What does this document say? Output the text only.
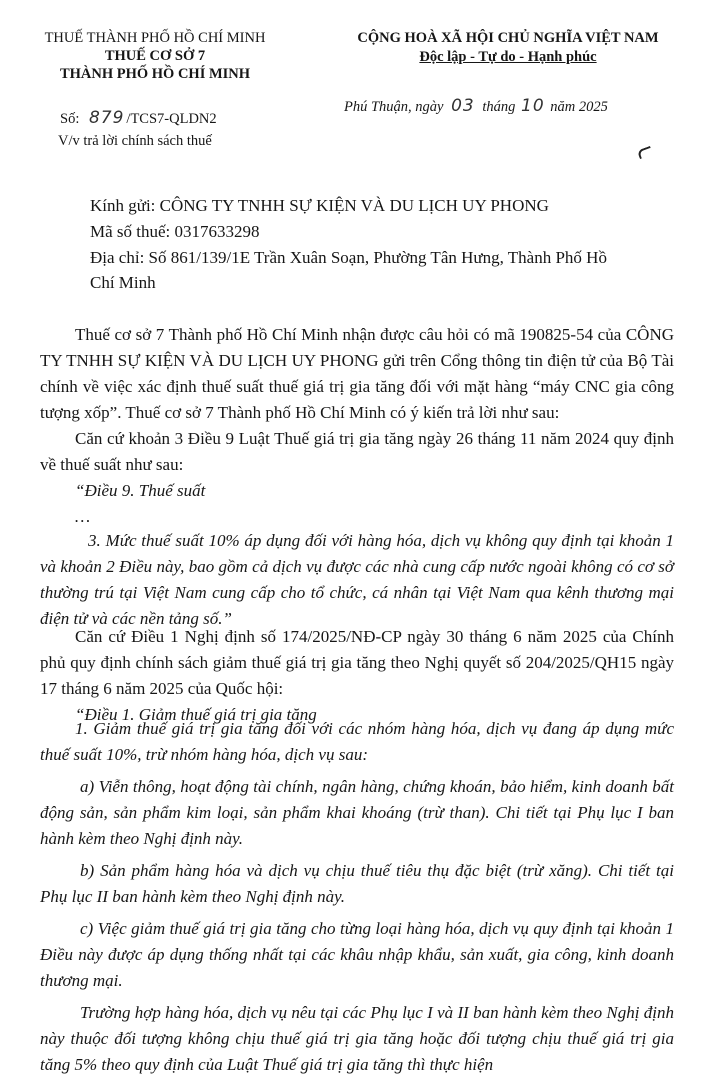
THUẾ THÀNH PHỐ HỒ CHÍ MINH
THUẾ CƠ SỞ 7
THÀNH PHỐ HỒ CHÍ MINH
Số: 879 /TCS7-QLDN2
V/v trả lời chính sách thuế
CỘNG HOÀ XÃ HỘI CHỦ NGHĨA VIỆT NAM
Độc lập - Tự do - Hạnh phúc
Phú Thuận, ngày 03 tháng 10 năm 2025
Kính gửi: CÔNG TY TNHH SỰ KIỆN VÀ DU LỊCH UY PHONG
Mã số thuế: 0317633298
Địa chỉ: Số 861/139/1E Trần Xuân Soạn, Phường Tân Hưng, Thành Phố Hồ
Chí Minh

Thuế cơ sở 7 Thành phố Hồ Chí Minh nhận được câu hỏi có mã 190825-54 của CÔNG TY TNHH SỰ KIỆN VÀ DU LỊCH UY PHONG gửi trên Cổng thông tin điện tử của Bộ Tài chính về việc xác định thuế suất thuế giá trị gia tăng đối với mặt hàng “máy CNC gia công tượng xốp”. Thuế cơ sở 7 Thành phố Hồ Chí Minh có ý kiến trả lời như sau:

Căn cứ khoản 3 Điều 9 Luật Thuế giá trị gia tăng ngày 26 tháng 11 năm 2024 quy định về thuế suất như sau:

“Điều 9. Thuế suất

…

3. Mức thuế suất 10% áp dụng đối với hàng hóa, dịch vụ không quy định tại khoản 1 và khoản 2 Điều này, bao gồm cả dịch vụ được các nhà cung cấp nước ngoài không có cơ sở thường trú tại Việt Nam cung cấp cho tổ chức, cá nhân tại Việt Nam qua kênh thương mại điện tử và các nền tảng số.”

Căn cứ Điều 1 Nghị định số 174/2025/NĐ-CP ngày 30 tháng 6 năm 2025 của Chính phủ quy định chính sách giảm thuế giá trị gia tăng theo Nghị quyết số 204/2025/QH15 ngày 17 tháng 6 năm 2025 của Quốc hội:

“Điều 1. Giảm thuế giá trị gia tăng

1. Giảm thuế giá trị gia tăng đối với các nhóm hàng hóa, dịch vụ đang áp dụng mức thuế suất 10%, trừ nhóm hàng hóa, dịch vụ sau:

a) Viễn thông, hoạt động tài chính, ngân hàng, chứng khoán, bảo hiểm, kinh doanh bất động sản, sản phẩm kim loại, sản phẩm khai khoáng (trừ than). Chi tiết tại Phụ lục I ban hành kèm theo Nghị định này.

b) Sản phẩm hàng hóa và dịch vụ chịu thuế tiêu thụ đặc biệt (trừ xăng). Chi tiết tại Phụ lục II ban hành kèm theo Nghị định này.

c) Việc giảm thuế giá trị gia tăng cho từng loại hàng hóa, dịch vụ quy định tại khoản 1 Điều này được áp dụng thống nhất tại các khâu nhập khẩu, sản xuất, gia công, kinh doanh thương mại.

Trường hợp hàng hóa, dịch vụ nêu tại các Phụ lục I và II ban hành kèm theo Nghị định này thuộc đối tượng không chịu thuế giá trị gia tăng hoặc đối tượng chịu thuế giá trị gia tăng 5% theo quy định của Luật Thuế giá trị gia tăng thì thực hiện
